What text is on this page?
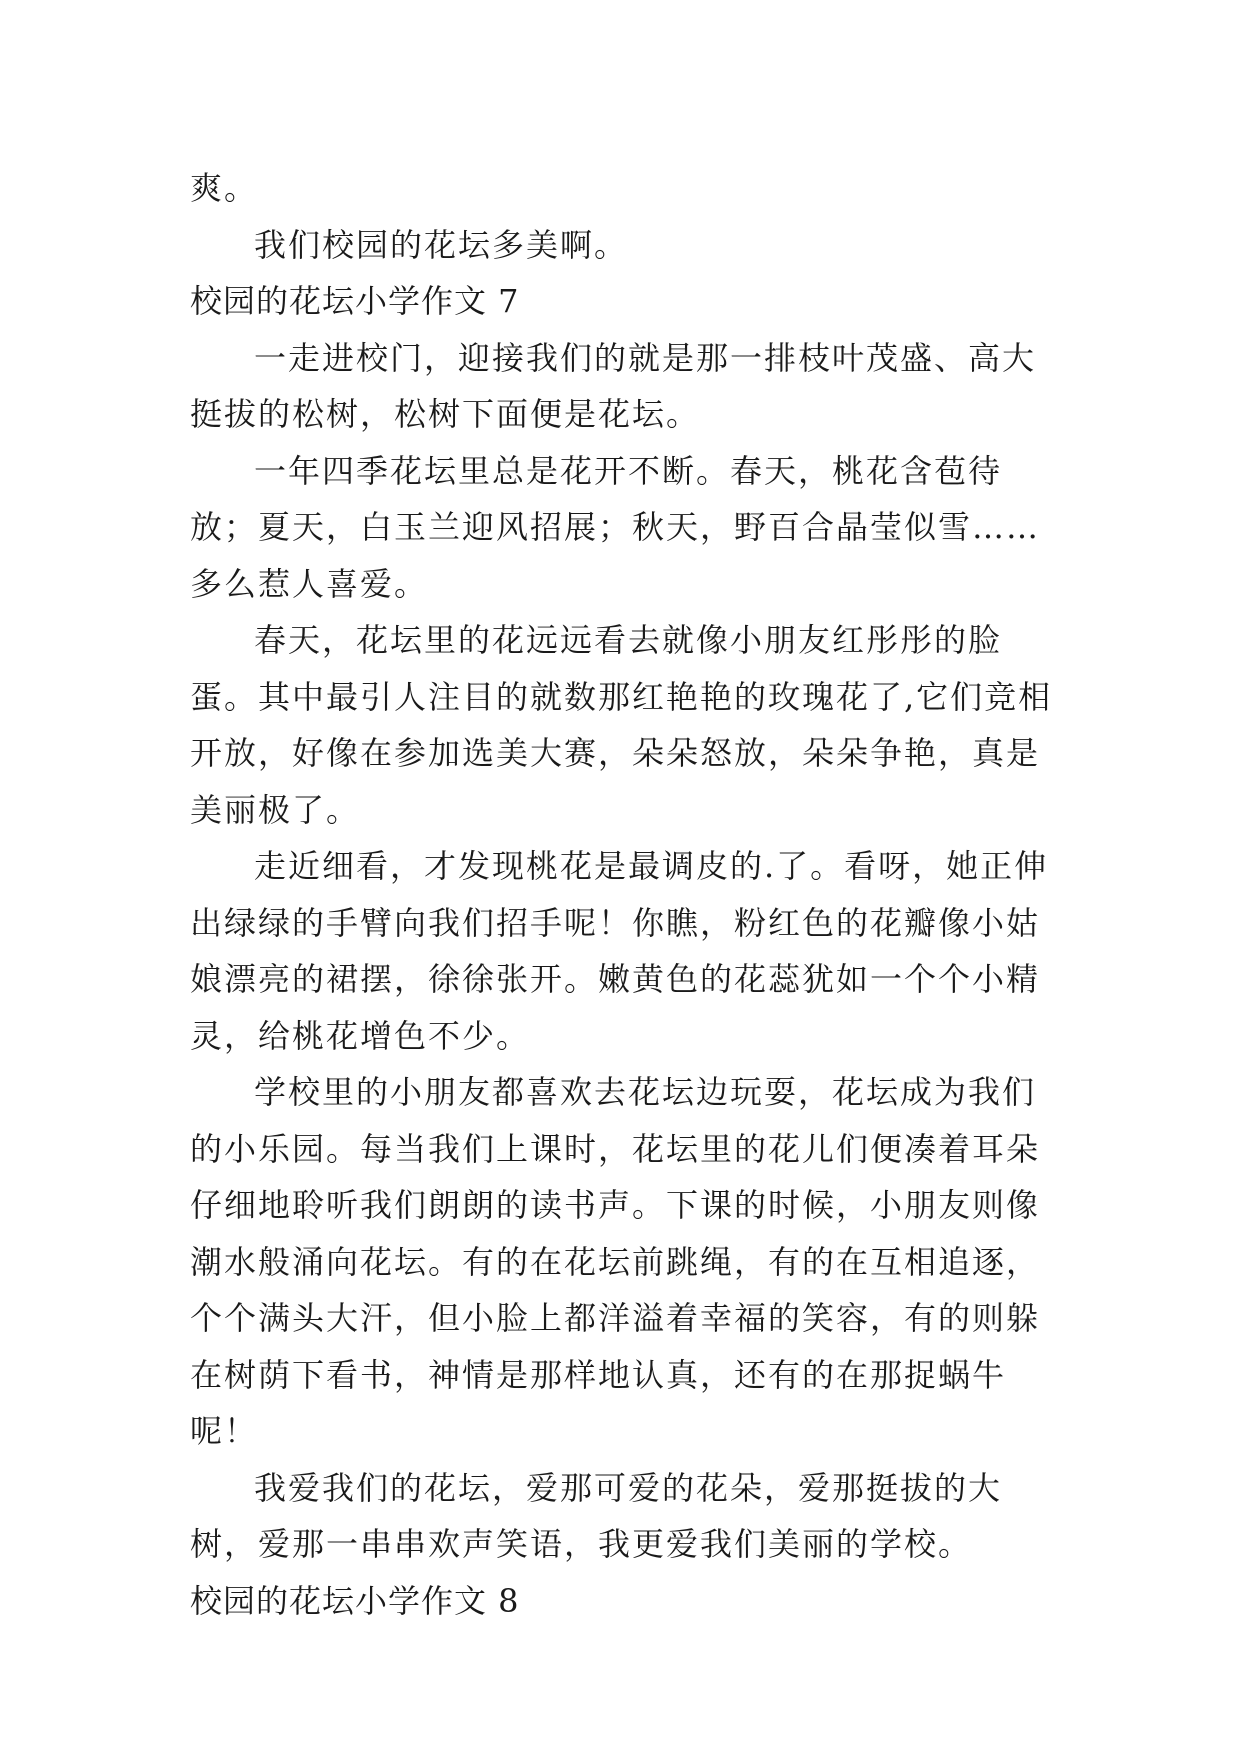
爽。

我们校园的花坛多美啊。

校园的花坛小学作文 7

一走进校门，迎接我们的就是那一排枝叶茂盛、高大挺拔的松树，松树下面便是花坛。

一年四季花坛里总是花开不断。春天，桃花含苞待放；夏天，白玉兰迎风招展；秋天，野百合晶莹似雪……多么惹人喜爱。

春天，花坛里的花远远看去就像小朋友红彤彤的脸蛋。其中最引人注目的就数那红艳艳的玫瑰花了,它们竞相开放，好像在参加选美大赛，朵朵怒放，朵朵争艳，真是美丽极了。

走近细看，才发现桃花是最调皮的.了。看呀，她正伸出绿绿的手臂向我们招手呢！你瞧，粉红色的花瓣像小姑娘漂亮的裙摆，徐徐张开。嫩黄色的花蕊犹如一个个小精灵，给桃花增色不少。

学校里的小朋友都喜欢去花坛边玩耍，花坛成为我们的小乐园。每当我们上课时，花坛里的花儿们便凑着耳朵仔细地聆听我们朗朗的读书声。下课的时候，小朋友则像潮水般涌向花坛。有的在花坛前跳绳，有的在互相追逐，个个满头大汗，但小脸上都洋溢着幸福的笑容，有的则躲在树荫下看书，神情是那样地认真，还有的在那捉蜗牛呢！

我爱我们的花坛，爱那可爱的花朵，爱那挺拔的大树，爱那一串串欢声笑语，我更爱我们美丽的学校。

校园的花坛小学作文 8
